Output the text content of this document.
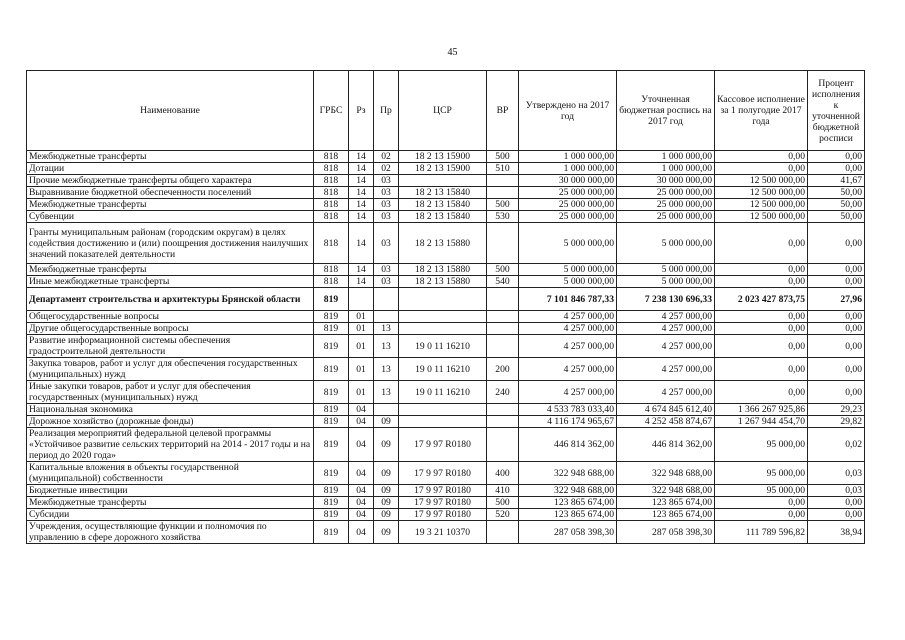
45
Наименование	ГРБС	Рз	Пр	ЦСР	ВР	Утверждено на 2017 год	Уточненная бюджетная роспись на 2017 год	Кассовое исполнение за 1 полугодие 2017 года	Процент исполнения к уточненной бюджетной росписи
Межбюджетные трансферты	818	14	02	18 2 13 15900	500	1 000 000,00	1 000 000,00	0,00	0,00
Дотации	818	14	02	18 2 13 15900	510	1 000 000,00	1 000 000,00	0,00	0,00
Прочие межбюджетные трансферты общего характера	818	14	03			30 000 000,00	30 000 000,00	12 500 000,00	41,67
Выравнивание бюджетной обеспеченности поселений	818	14	03	18 2 13 15840		25 000 000,00	25 000 000,00	12 500 000,00	50,00
Межбюджетные трансферты	818	14	03	18 2 13 15840	500	25 000 000,00	25 000 000,00	12 500 000,00	50,00
Субвенции	818	14	03	18 2 13 15840	530	25 000 000,00	25 000 000,00	12 500 000,00	50,00
Гранты муниципальным районам (городским округам) в целях содействия достижению и (или) поощрения достижения наилучших значений показателей деятельности	818	14	03	18 2 13 15880		5 000 000,00	5 000 000,00	0,00	0,00
Межбюджетные трансферты	818	14	03	18 2 13 15880	500	5 000 000,00	5 000 000,00	0,00	0,00
Иные межбюджетные трансферты	818	14	03	18 2 13 15880	540	5 000 000,00	5 000 000,00	0,00	0,00
Департамент строительства и архитектуры Брянской области	819					7 101 846 787,33	7 238 130 696,33	2 023 427 873,75	27,96
Общегосударственные вопросы	819	01				4 257 000,00	4 257 000,00	0,00	0,00
Другие общегосударственные вопросы	819	01	13			4 257 000,00	4 257 000,00	0,00	0,00
Развитие информационной системы обеспечения градостроительной деятельности	819	01	13	19 0 11 16210		4 257 000,00	4 257 000,00	0,00	0,00
Закупка товаров, работ и услуг для обеспечения государственных (муниципальных) нужд	819	01	13	19 0 11 16210	200	4 257 000,00	4 257 000,00	0,00	0,00
Иные закупки товаров, работ и услуг для обеспечения государственных (муниципальных) нужд	819	01	13	19 0 11 16210	240	4 257 000,00	4 257 000,00	0,00	0,00
Национальная экономика	819	04				4 533 783 033,40	4 674 845 612,40	1 366 267 925,86	29,23
Дорожное хозяйство (дорожные фонды)	819	04	09			4 116 174 965,67	4 252 458 874,67	1 267 944 454,70	29,82
Реализация мероприятий федеральной целевой программы «Устойчивое развитие сельских территорий на 2014 - 2017 годы и на период до 2020 года»	819	04	09	17 9 97 R0180		446 814 362,00	446 814 362,00	95 000,00	0,02
Капитальные вложения в объекты государственной (муниципальной) собственности	819	04	09	17 9 97 R0180	400	322 948 688,00	322 948 688,00	95 000,00	0,03
Бюджетные инвестиции	819	04	09	17 9 97 R0180	410	322 948 688,00	322 948 688,00	95 000,00	0,03
Межбюджетные трансферты	819	04	09	17 9 97 R0180	500	123 865 674,00	123 865 674,00	0,00	0,00
Субсидии	819	04	09	17 9 97 R0180	520	123 865 674,00	123 865 674,00	0,00	0,00
Учреждения, осуществляющие функции и полномочия по управлению в сфере дорожного хозяйства	819	04	09	19 3 21 10370		287 058 398,30	287 058 398,30	111 789 596,82	38,94
